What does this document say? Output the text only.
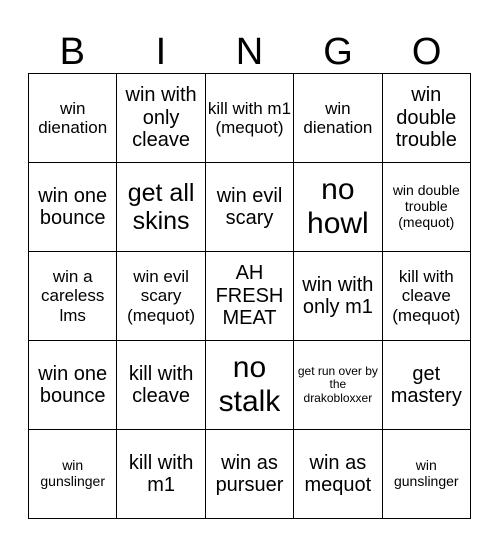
B	I	N	G	O
win dienation	win with only cleave	kill with m1 (mequot)	win dienation	win double trouble
win one bounce	get all skins	win evil scary	no howl	win double trouble (mequot)
win a careless lms	win evil scary (mequot)	AH FRESH MEAT	win with only m1	kill with cleave (mequot)
win one bounce	kill with cleave	no stalk	get run over by the drakobloxxer	get mastery
win gunslinger	kill with m1	win as pursuer	win as mequot	win gunslinger
